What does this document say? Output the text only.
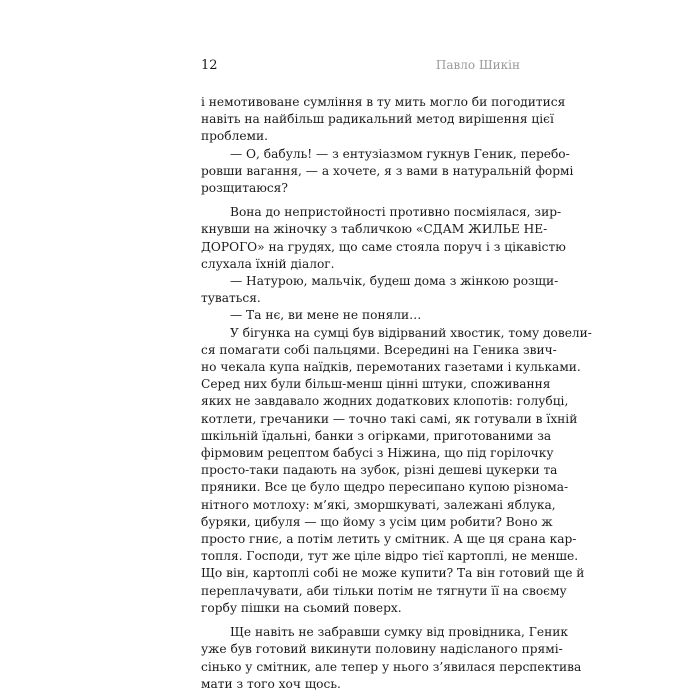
12	Павло Шикін
і немотивоване сумління в ту мить могло би погодитися
навіть на найбільш радикальний метод вирішення цієї
проблеми.
— О, бабуль! — з ентузіазмом гукнув Геник, перебо-
ровши вагання, — а хочете, я з вами в натуральній формі
розщитаюся?
Вона до непристойності противно посміялася, зир-
кнувши на жіночку з табличкою «СДАМ ЖИЛЬЕ НЕ-
ДОРОГО» на грудях, що саме стояла поруч і з цікавістю
слухала їхній діалог.
— Натурою, мальчік, будеш дома з жінкою розщи-
туваться.
— Та нє, ви мене не поняли…
У бігунка на сумці був відірваний хвостик, тому довели-
ся помагати собі пальцями. Всередині на Геника звич-
но чекала купа наїдків, перемотаних газетами і кульками.
Серед них були більш-менш цінні штуки, споживання
яких не завдавало жодних додаткових клопотів: голубці,
котлети, гречаники — точно такі самі, як готували в їхній
шкільній їдальні, банки з огірками, приготованими за
фірмовим рецептом бабусі з Ніжина, що під горілочку
просто-таки падають на зубок, різні дешеві цукерки та
пряники. Все це було щедро пересипано купою різнома-
нітного мотлоху: м’які, зморшкуваті, залежані яблука,
буряки, цибуля — що йому з усім цим робити? Воно ж
просто гниє, а потім летить у смітник. А ще ця срана кар-
топля. Господи, тут же ціле відро тієї картоплі, не менше.
Що він, картоплі собі не може купити? Та він готовий ще й
переплачувати, аби тільки потім не тягнути її на своєму
горбу пішки на сьомий поверх.
Ще навіть не забравши сумку від провідника, Геник
уже був готовий викинути половину надісланого прямі-
сінько у смітник, але тепер у нього з’явилася перспектива
мати з того хоч щось.
